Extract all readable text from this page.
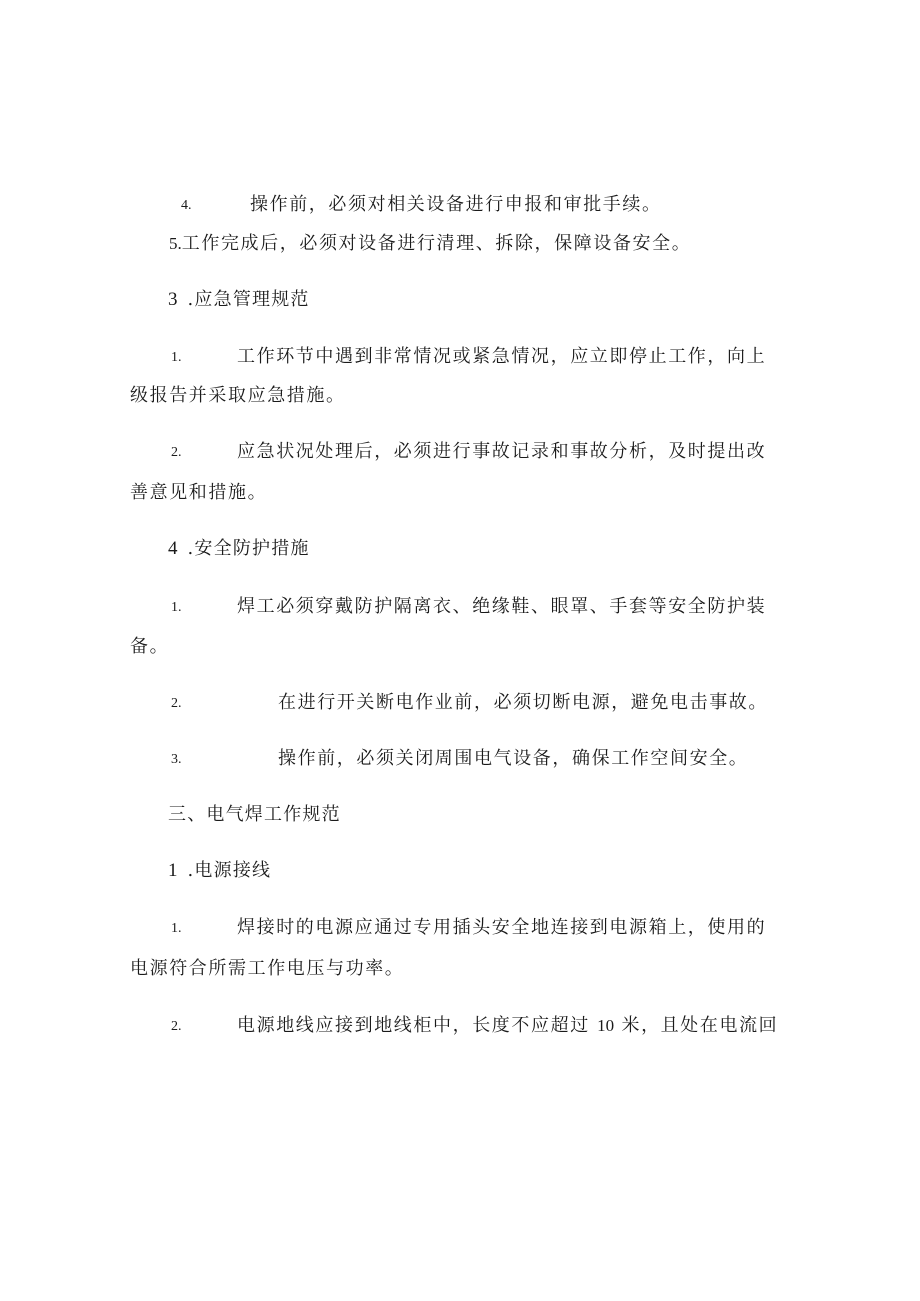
4.	操作前，必须对相关设备进行申报和审批手续。
5.工作完成后，必须对设备进行清理、拆除，保障设备安全。
3 .应急管理规范
1.	工作环节中遇到非常情况或紧急情况，应立即停止工作，向上
级报告并采取应急措施。
2.	应急状况处理后，必须进行事故记录和事故分析，及时提出改
善意见和措施。
4 .安全防护措施
1.	焊工必须穿戴防护隔离衣、绝缘鞋、眼罩、手套等安全防护装
备。
2.	在进行开关断电作业前，必须切断电源，避免电击事故。
3.	操作前，必须关闭周围电气设备，确保工作空间安全。
三、电气焊工作规范
1 .电源接线
1.	焊接时的电源应通过专用插头安全地连接到电源箱上，使用的
电源符合所需工作电压与功率。
2.	电源地线应接到地线柜中，长度不应超过 10 米，且处在电流回
